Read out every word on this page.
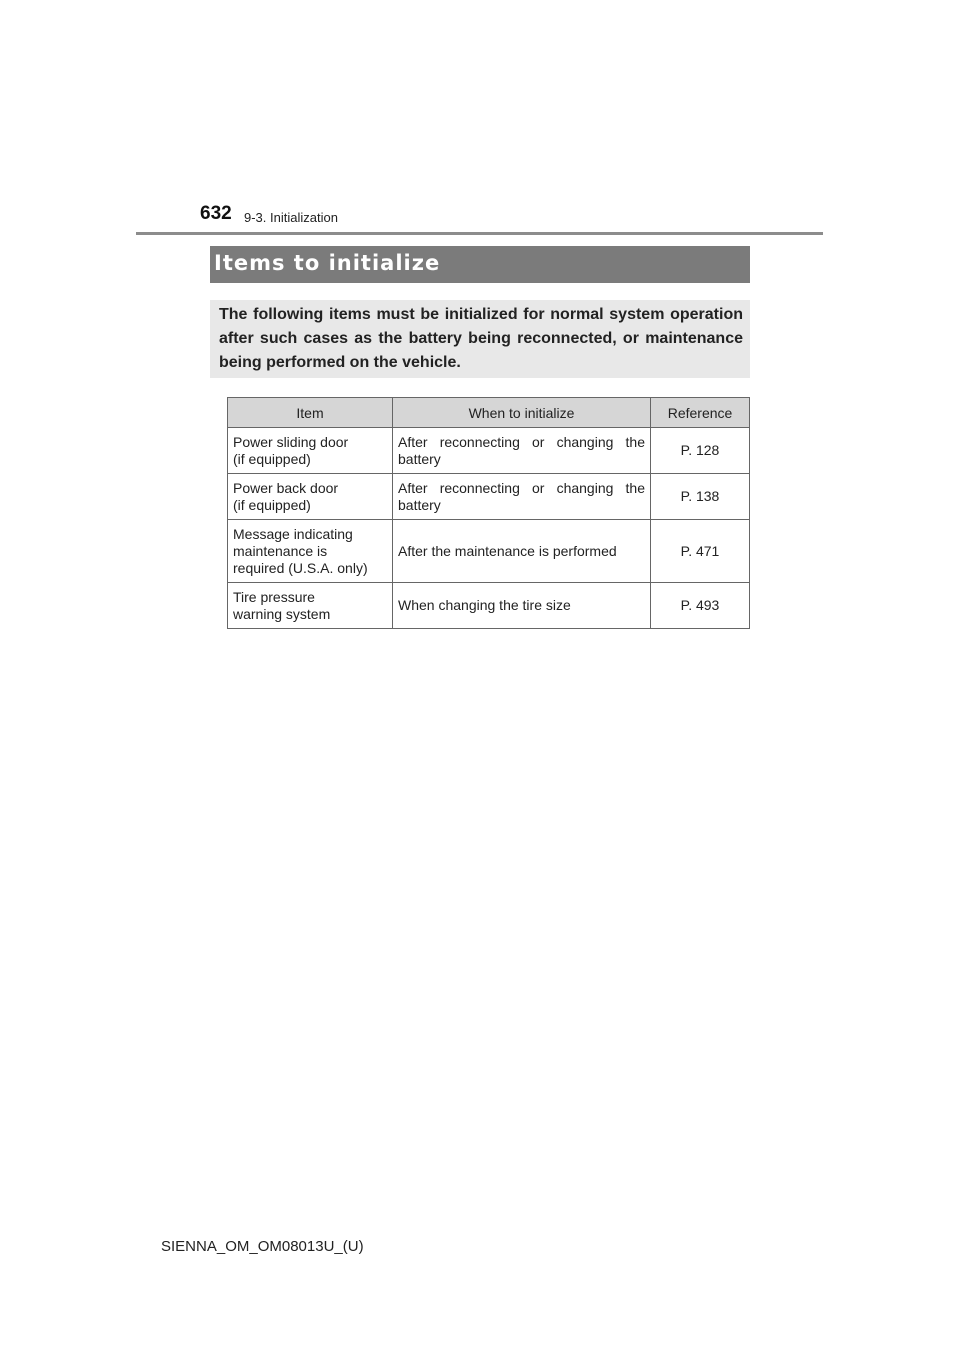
632 9-3. Initialization
Items to initialize
The following items must be initialized for normal system operation after such cases as the battery being reconnected, or maintenance being performed on the vehicle.
Item	When to initialize	Reference
Power sliding door
(if equipped)	After reconnecting or changing the battery	P. 128
Power back door
(if equipped)	After reconnecting or changing the battery	P. 138
Message indicating
maintenance is
required (U.S.A. only)	After the maintenance is performed	P. 471
Tire pressure
warning system	When changing the tire size	P. 493
SIENNA_OM_OM08013U_(U)
